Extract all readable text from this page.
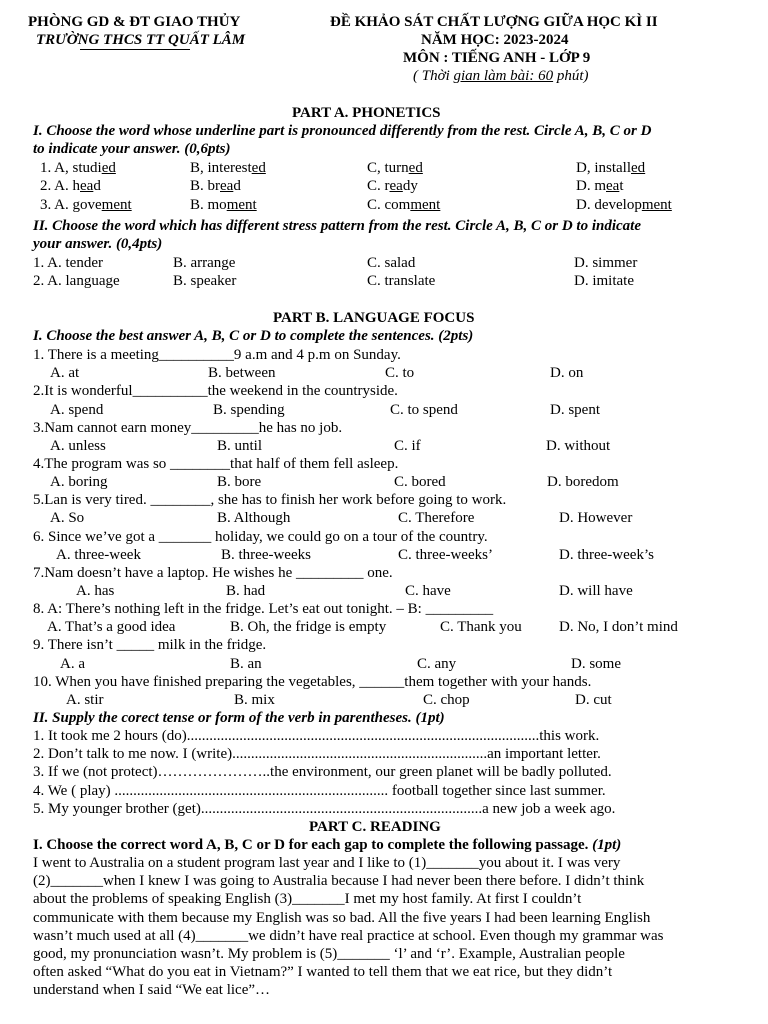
PHÒNG GD & ĐT GIAO THỦY
TRƯỜNG THCS TT QUẤT LÂM
ĐỀ KHẢO SÁT CHẤT LƯỢNG GIỮA HỌC KÌ II
NĂM HỌC: 2023-2024
MÔN : TIẾNG ANH - LỚP 9
( Thời gian làm bài: 60 phút)
PART A. PHONETICS
I. Choose the word whose underline part is pronounced differently from the rest. Circle A, B, C or D
to indicate your answer. (0,6pts)
1. A, studied	B, interested	C, turned	D, installed
2. A. head	B. bread	C. ready	D. meat
3. A. govement	B. moment	C. comment	D. development
II. Choose the word which has different stress pattern from the rest. Circle A, B, C or D to indicate
your answer. (0,4pts)
1. A. tender	B. arrange	C. salad	D. simmer
2. A. language	B. speaker	C. translate	D. imitate
PART B. LANGUAGE FOCUS
I. Choose the best answer A, B, C or D to complete the sentences. (2pts)
1. There is a meeting__________9 a.m and 4 p.m on Sunday.
A. at	B. between	C. to	D. on
2.It is wonderful__________the weekend in the countryside.
A. spend	B. spending	C. to spend	D. spent
3.Nam cannot earn money_________he has no job.
A. unless	B. until	C. if	D. without
4.The program was so ________that half of them fell asleep.
A. boring	B. bore	C. bored	D. boredom
5.Lan is very tired. ________, she has to finish her work before going to work.
A. So	B. Although	C. Therefore	D. However
6. Since we’ve got a _______ holiday, we could go on a tour of the country.
A. three-week	B. three-weeks	C. three-weeks’	D. three-week’s
7.Nam doesn’t have a laptop. He wishes he _________ one.
A. has	B. had	C. have	D. will have
8. A: There’s nothing left in the fridge. Let’s eat out tonight. – B: _________
A. That’s a good idea	B. Oh, the fridge is empty	C. Thank you D. No, I don’t mind
9. There isn’t _____ milk in the fridge.
A. a	B. an	C. any	D. some
10. When you have finished preparing the vegetables, ______them together with your hands.
A. stir	B. mix	C. chop	D. cut
II. Supply the corect tense or form of the verb in parentheses. (1pt)
1. It took me 2 hours (do)..............................................................................................this work.
2. Don’t talk to me now. I (write)....................................................................an important letter.
3. If we (not protect)…………………..the environment, our green planet will be badly polluted.
4. We ( play) ......................................................................... football together since last summer.
5. My younger brother (get)...........................................................................a new job a week ago.
PART C. READING
I. Choose the correct word A, B, C or D for each gap to complete the following passage. (1pt)
I went to Australia on a student program last year and I like to (1)_______you about it. I was very
(2)_______when I knew I was going to Australia because I had never been there before. I didn’t think
about the problems of speaking English (3)_______I met my host family. At first I couldn’t
communicate with them because my English was so bad. All the five years I had been learning English
wasn’t much used at all (4)_______we didn’t have real practice at school. Even though my grammar was
good, my pronunciation wasn’t. My problem is (5)_______ ‘l’ and ‘r’. Example, Australian people
often asked “What do you eat in Vietnam?” I wanted to tell them that we eat rice, but they didn’t
understand when I said “We eat lice”…
